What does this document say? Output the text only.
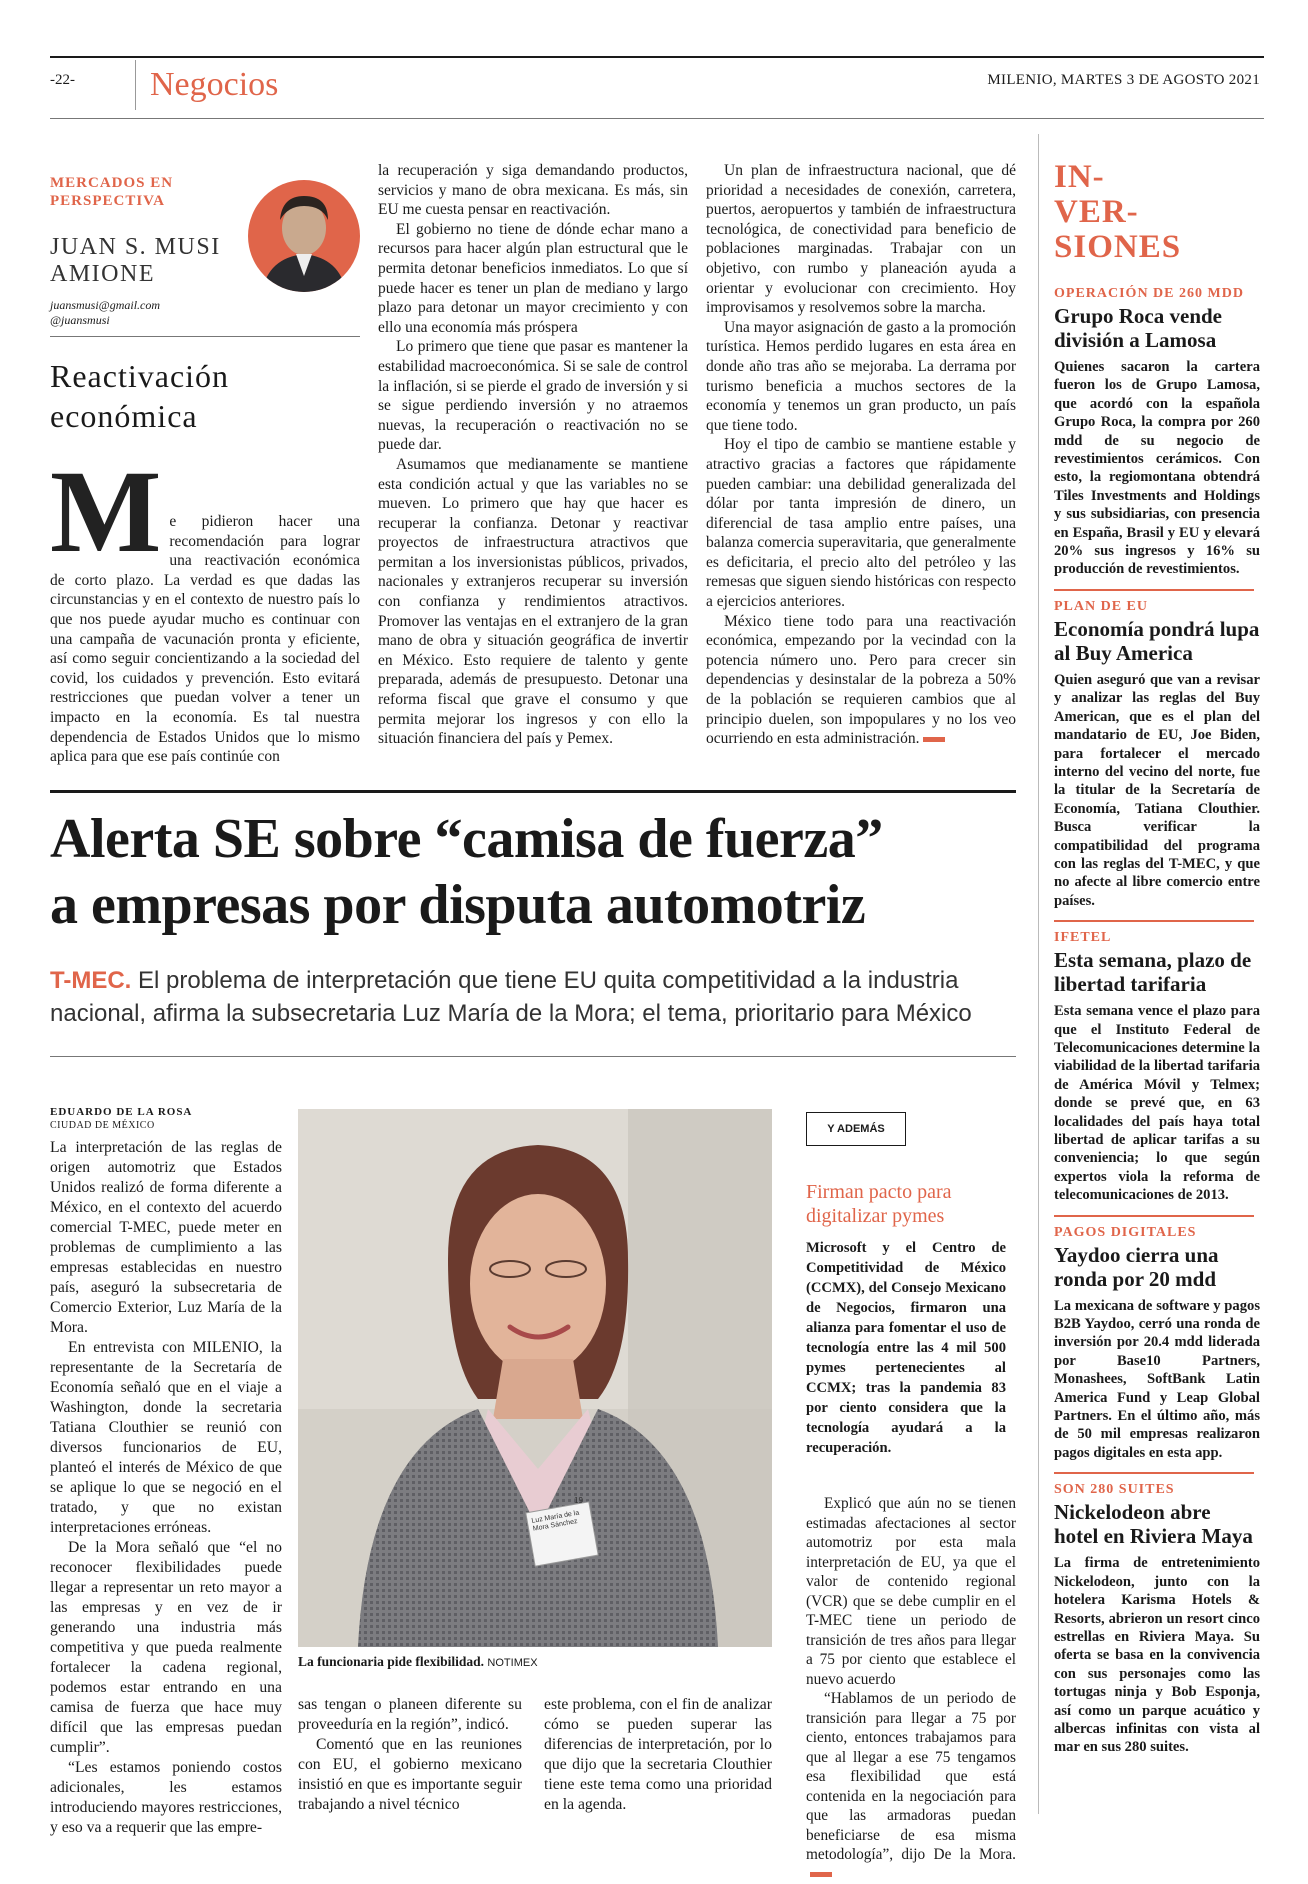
-22- Negocios	MILENIO, MARTES 3 DE AGOSTO 2021
MERCADOS EN PERSPECTIVA
JUAN S. MUSI AMIONE
juansmusi@gmail.com
@juansmusi
Reactivación económica
M e pidieron hacer una recomendación para lograr una reactivación económica de corto plazo. La verdad es que dadas las circunstancias y en el contexto de nuestro país lo que nos puede ayudar mucho es continuar con una campaña de vacunación pronta y eficiente, así como seguir concientizando a la sociedad del covid, los cuidados y prevención. Esto evitará restricciones que puedan volver a tener un impacto en la economía. Es tal nuestra dependencia de Estados Unidos que lo mismo aplica para que ese país continúe con

la recuperación y siga demandando productos, servicios y mano de obra mexicana. Es más, sin EU me cuesta pensar en reactivación.

El gobierno no tiene de dónde echar mano a recursos para hacer algún plan estructural que le permita detonar beneficios inmediatos. Lo que sí puede hacer es tener un plan de mediano y largo plazo para detonar un mayor crecimiento y con ello una economía más próspera

Lo primero que tiene que pasar es mantener la estabilidad macroeconómica. Si se sale de control la inflación, si se pierde el grado de inversión y si se sigue perdiendo inversión y no atraemos nuevas, la recuperación o reactivación no se puede dar.

Asumamos que medianamente se mantiene esta condición actual y que las variables no se mueven. Lo primero que hay que hacer es recuperar la confianza. Detonar y reactivar proyectos de infraestructura atractivos que permitan a los inversionistas públicos, privados, nacionales y extranjeros recuperar su inversión con confianza y rendimientos atractivos. Promover las ventajas en el extranjero de la gran mano de obra y situación geográfica de invertir en México. Esto requiere de talento y gente preparada, además de presupuesto. Detonar una reforma fiscal que grave el consumo y que permita mejorar los ingresos y con ello la situación financiera del país y Pemex.

Un plan de infraestructura nacional, que dé prioridad a necesidades de conexión, carretera, puertos, aeropuertos y también de infraestructura tecnológica, de conectividad para beneficio de poblaciones marginadas. Trabajar con un objetivo, con rumbo y planeación ayuda a orientar y evolucionar con crecimiento. Hoy improvisamos y resolvemos sobre la marcha.

Una mayor asignación de gasto a la promoción turística. Hemos perdido lugares en esta área en donde año tras año se mejoraba. La derrama por turismo beneficia a muchos sectores de la economía y tenemos un gran producto, un país que tiene todo.

Hoy el tipo de cambio se mantiene estable y atractivo gracias a factores que rápidamente pueden cambiar: una debilidad generalizada del dólar por tanta impresión de dinero, un diferencial de tasa amplio entre países, una balanza comercia superavitaria, que generalmente es deficitaria, el precio alto del petróleo y las remesas que siguen siendo históricas con respecto a ejercicios anteriores.

México tiene todo para una reactivación económica, empezando por la vecindad con la potencia número uno. Pero para crecer sin dependencias y desinstalar de la pobreza a 50% de la población se requieren cambios que al principio duelen, son impopulares y no los veo ocurriendo en esta administración.

Alerta SE sobre “camisa de fuerza”
a empresas por disputa automotriz
T-MEC. El problema de interpretación que tiene EU quita competitividad a la industria nacional, afirma la subsecretaria Luz María de la Mora; el tema, prioritario para México
EDUARDO DE LA ROSA
CIUDAD DE MÉXICO

La interpretación de las reglas de origen automotriz que Estados Unidos realizó de forma diferente a México, en el contexto del acuerdo comercial T-MEC, puede meter en problemas de cumplimiento a las empresas establecidas en nuestro país, aseguró la subsecretaria de Comercio Exterior, Luz María de la Mora.

En entrevista con MILENIO, la representante de la Secretaría de Economía señaló que en el viaje a Washington, donde la secretaria Tatiana Clouthier se reunió con diversos funcionarios de EU, planteó el interés de México de que se aplique lo que se negoció en el tratado, y que no existan interpretaciones erróneas.

De la Mora señaló que “el no reconocer flexibilidades puede llegar a representar un reto mayor a las empresas y en vez de ir generando una industria más competitiva y que pueda realmente fortalecer la cadena regional, podemos estar entrando en una camisa de fuerza que hace muy difícil que las empresas puedan cumplir”.

“Les estamos poniendo costos adicionales, les estamos introduciendo mayores restricciones, y eso va a requerir que las empre-

Luz María de la Mora Sánchez
19
La funcionaria pide flexibilidad. NOTIMEX

sas tengan o planeen diferente su proveeduría en la región”, indicó.

Comentó que en las reuniones con EU, el gobierno mexicano insistió en que es importante seguir trabajando a nivel técnico

este problema, con el fin de analizar cómo se pueden superar las diferencias de interpretación, por lo que dijo que la secretaria Clouthier tiene este tema como una prioridad en la agenda.

Y ADEMÁS
Firman pacto para digitalizar pymes
Microsoft y el Centro de Competitividad de México (CCMX), del Consejo Mexicano de Negocios, firmaron una alianza para fomentar el uso de tecnología entre las 4 mil 500 pymes pertenecientes al CCMX; tras la pandemia 83 por ciento considera que la tecnología ayudará a la recuperación.

Explicó que aún no se tienen estimadas afectaciones al sector automotriz por esta mala interpretación de EU, ya que el valor de contenido regional (VCR) que se debe cumplir en el T-MEC tiene un periodo de transición de tres años para llegar a 75 por ciento que establece el nuevo acuerdo

“Hablamos de un periodo de transición para llegar a 75 por ciento, entonces trabajamos para que al llegar a ese 75 tengamos esa flexibilidad que está contenida en la negociación para que las armadoras puedan beneficiarse de esa misma metodología”, dijo De la Mora.

IN-
VER-
SIONES
OPERACIÓN DE 260 MDD
Grupo Roca vende división a Lamosa
Quienes sacaron la cartera fueron los de Grupo Lamosa, que acordó con la española Grupo Roca, la compra por 260 mdd de su negocio de revestimientos cerámicos. Con esto, la regiomontana obtendrá Tiles Investments and Holdings y sus subsidiarias, con presencia en España, Brasil y EU y elevará 20% sus ingresos y 16% su producción de revestimientos.
PLAN DE EU
Economía pondrá lupa al Buy America
Quien aseguró que van a revisar y analizar las reglas del Buy American, que es el plan del mandatario de EU, Joe Biden, para fortalecer el mercado interno del vecino del norte, fue la titular de la Secretaría de Economía, Tatiana Clouthier. Busca verificar la compatibilidad del programa con las reglas del T-MEC, y que no afecte al libre comercio entre países.
IFETEL
Esta semana, plazo de libertad tarifaria
Esta semana vence el plazo para que el Instituto Federal de Telecomunicaciones determine la viabilidad de la libertad tarifaria de América Móvil y Telmex; donde se prevé que, en 63 localidades del país haya total libertad de aplicar tarifas a su conveniencia; lo que según expertos viola la reforma de telecomunicaciones de 2013.
PAGOS DIGITALES
Yaydoo cierra una ronda por 20 mdd
La mexicana de software y pagos B2B Yaydoo, cerró una ronda de inversión por 20.4 mdd liderada por Base10 Partners, Monashees, SoftBank Latin America Fund y Leap Global Partners. En el último año, más de 50 mil empresas realizaron pagos digitales en esta app.
SON 280 SUITES
Nickelodeon abre hotel en Riviera Maya
La firma de entretenimiento Nickelodeon, junto con la hotelera Karisma Hotels & Resorts, abrieron un resort cinco estrellas en Riviera Maya. Su oferta se basa en la convivencia con sus personajes como las tortugas ninja y Bob Esponja, así como un parque acuático y albercas infinitas con vista al mar en sus 280 suites.
